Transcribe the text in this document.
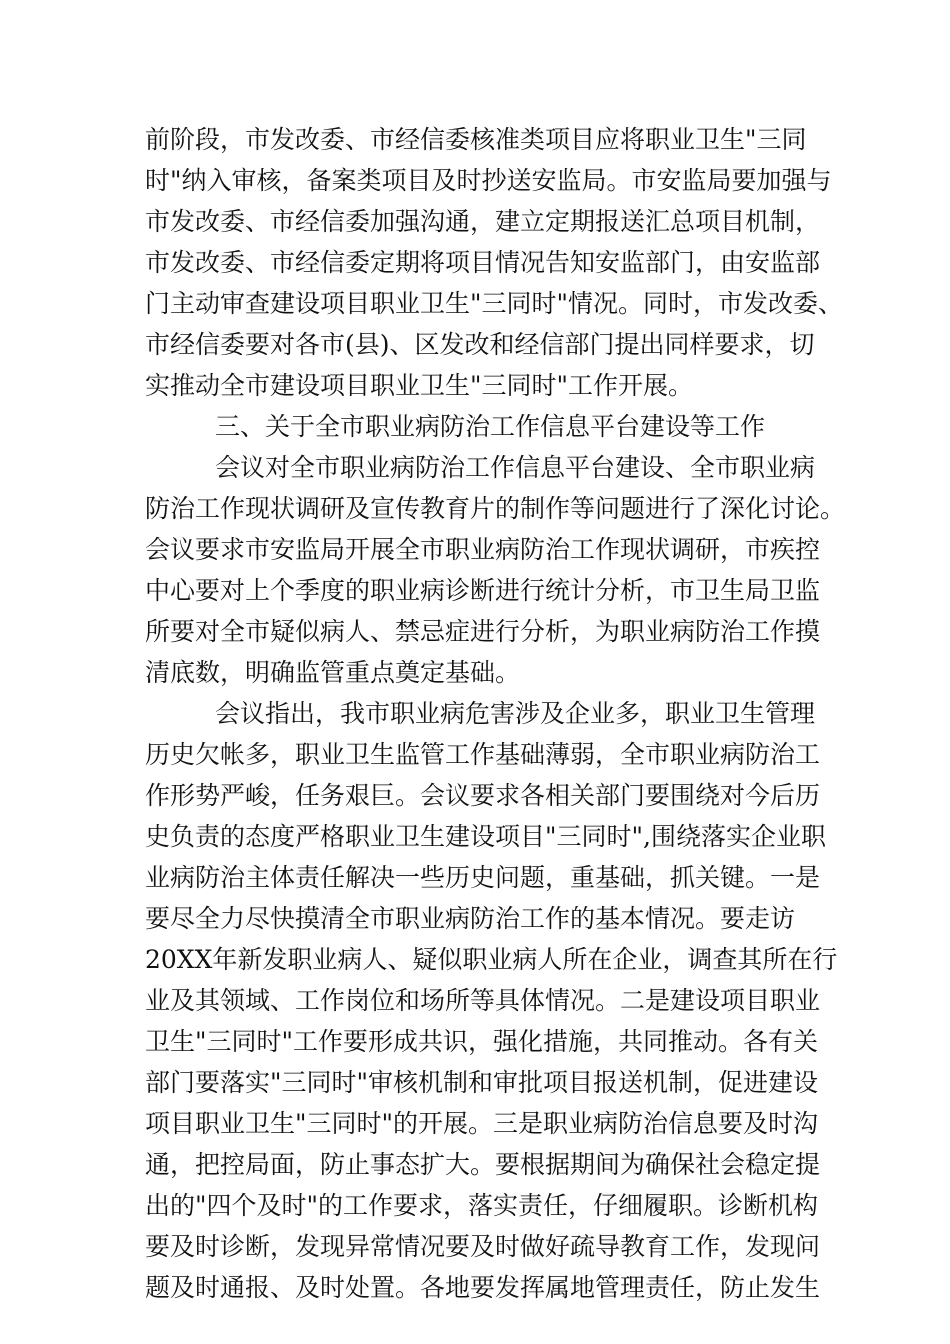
前阶段，市发改委、市经信委核准类项目应将职业卫生"三同
时"纳入审核，备案类项目及时抄送安监局。市安监局要加强与
市发改委、市经信委加强沟通，建立定期报送汇总项目机制，
市发改委、市经信委定期将项目情况告知安监部门，由安监部
门主动审查建设项目职业卫生"三同时"情况。同时，市发改委、
市经信委要对各市(县)、区发改和经信部门提出同样要求，切
实推动全市建设项目职业卫生"三同时"工作开展。
三、关于全市职业病防治工作信息平台建设等工作
会议对全市职业病防治工作信息平台建设、全市职业病
防治工作现状调研及宣传教育片的制作等问题进行了深化讨论。
会议要求市安监局开展全市职业病防治工作现状调研，市疾控
中心要对上个季度的职业病诊断进行统计分析，市卫生局卫监
所要对全市疑似病人、禁忌症进行分析，为职业病防治工作摸
清底数，明确监管重点奠定基础。
会议指出，我市职业病危害涉及企业多，职业卫生管理
历史欠帐多，职业卫生监管工作基础薄弱，全市职业病防治工
作形势严峻，任务艰巨。会议要求各相关部门要围绕对今后历
史负责的态度严格职业卫生建设项目"三同时",围绕落实企业职
业病防治主体责任解决一些历史问题，重基础，抓关键。一是
要尽全力尽快摸清全市职业病防治工作的基本情况。要走访
20XX年新发职业病人、疑似职业病人所在企业，调查其所在行
业及其领域、工作岗位和场所等具体情况。二是建设项目职业
卫生"三同时"工作要形成共识，强化措施，共同推动。各有关
部门要落实"三同时"审核机制和审批项目报送机制，促进建设
项目职业卫生"三同时"的开展。三是职业病防治信息要及时沟
通，把控局面，防止事态扩大。要根据期间为确保社会稳定提
出的"四个及时"的工作要求，落实责任，仔细履职。诊断机构
要及时诊断，发现异常情况要及时做好疏导教育工作，发现问
题及时通报、及时处置。各地要发挥属地管理责任，防止发生
